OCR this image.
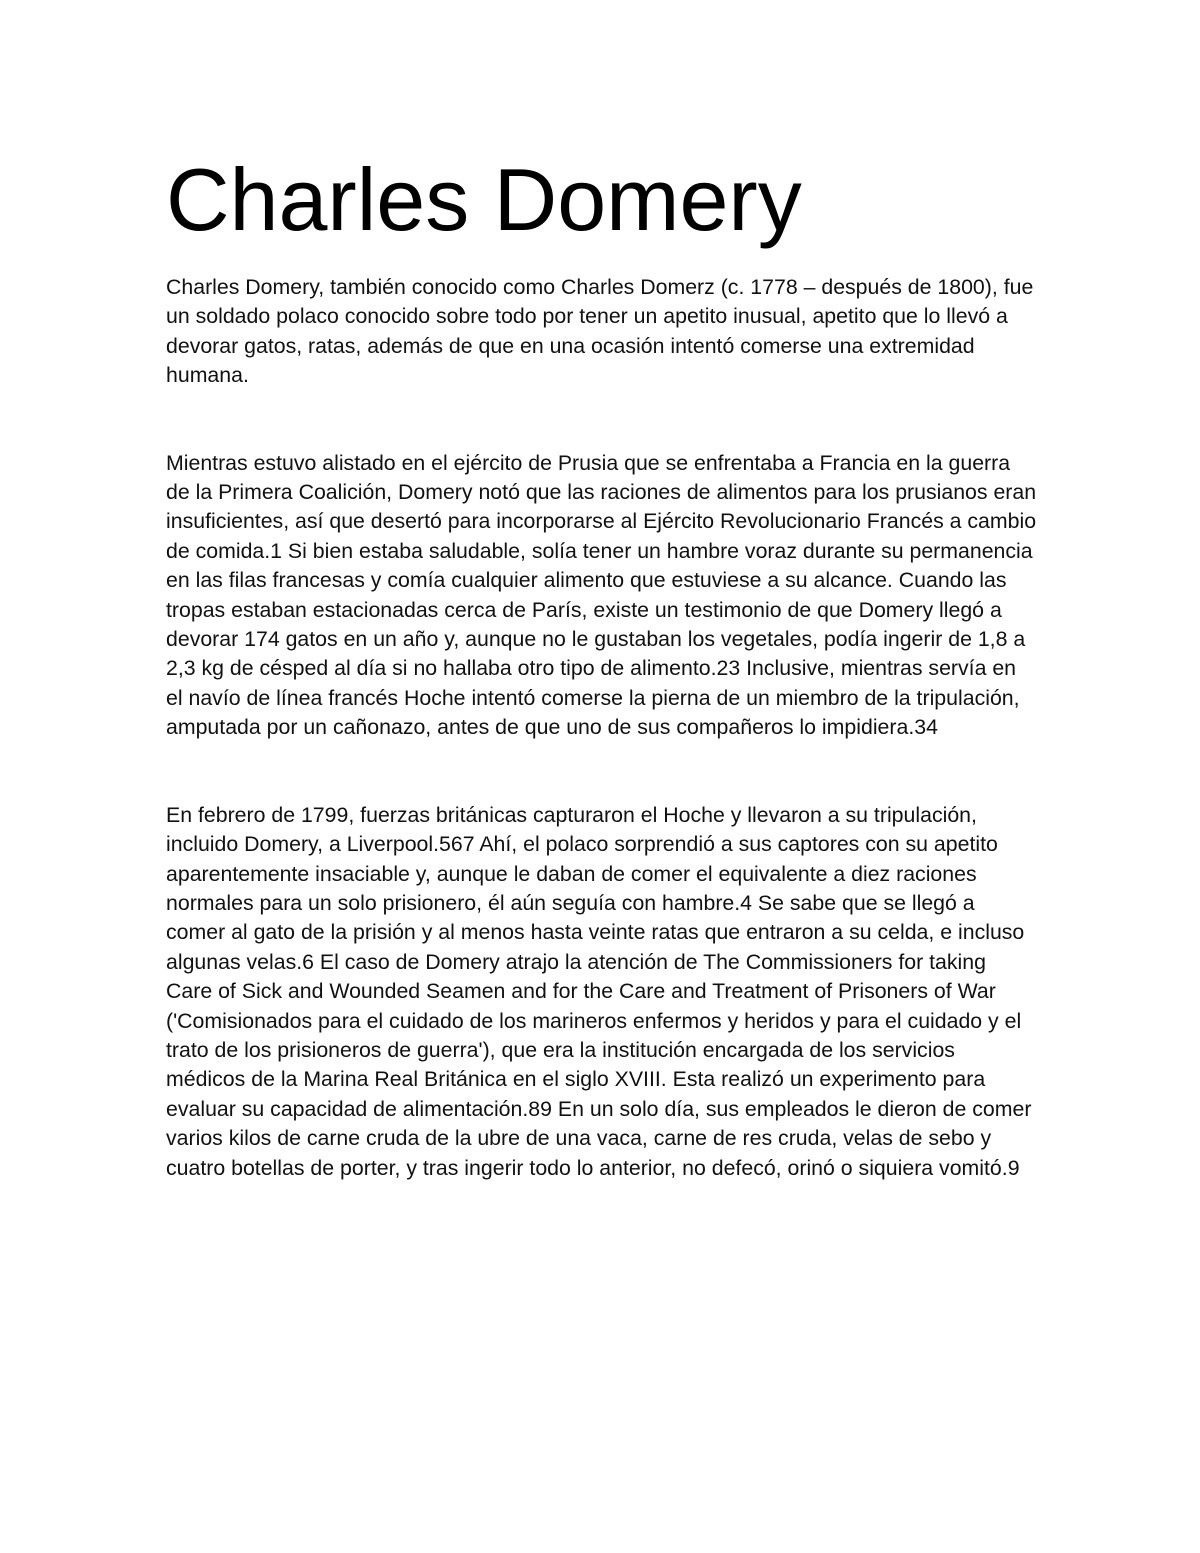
Charles Domery

Charles Domery, también conocido como Charles Domerz (c. 1778 – después de 1800), fue un soldado polaco conocido sobre todo por tener un apetito inusual, apetito que lo llevó a devorar gatos, ratas, además de que en una ocasión intentó comerse una extremidad humana.

Mientras estuvo alistado en el ejército de Prusia que se enfrentaba a Francia en la guerra de la Primera Coalición, Domery notó que las raciones de alimentos para los prusianos eran insuficientes, así que desertó para incorporarse al Ejército Revolucionario Francés a cambio de comida.1 Si bien estaba saludable, solía tener un hambre voraz durante su permanencia en las filas francesas y comía cualquier alimento que estuviese a su alcance. Cuando las tropas estaban estacionadas cerca de París, existe un testimonio de que Domery llegó a devorar 174 gatos en un año y, aunque no le gustaban los vegetales, podía ingerir de 1,8 a 2,3 kg de césped al día si no hallaba otro tipo de alimento.23 Inclusive, mientras servía en el navío de línea francés Hoche intentó comerse la pierna de un miembro de la tripulación, amputada por un cañonazo, antes de que uno de sus compañeros lo impidiera.34

En febrero de 1799, fuerzas británicas capturaron el Hoche y llevaron a su tripulación, incluido Domery, a Liverpool.567 Ahí, el polaco sorprendió a sus captores con su apetito aparentemente insaciable y, aunque le daban de comer el equivalente a diez raciones normales para un solo prisionero, él aún seguía con hambre.4 Se sabe que se llegó a comer al gato de la prisión y al menos hasta veinte ratas que entraron a su celda, e incluso algunas velas.6 El caso de Domery atrajo la atención de The Commissioners for taking Care of Sick and Wounded Seamen and for the Care and Treatment of Prisoners of War ('Comisionados para el cuidado de los marineros enfermos y heridos y para el cuidado y el trato de los prisioneros de guerra'), que era la institución encargada de los servicios médicos de la Marina Real Británica en el siglo XVIII. Esta realizó un experimento para evaluar su capacidad de alimentación.89 En un solo día, sus empleados le dieron de comer varios kilos de carne cruda de la ubre de una vaca, carne de res cruda, velas de sebo y cuatro botellas de porter, y tras ingerir todo lo anterior, no defecó, orinó o siquiera vomitó.9
